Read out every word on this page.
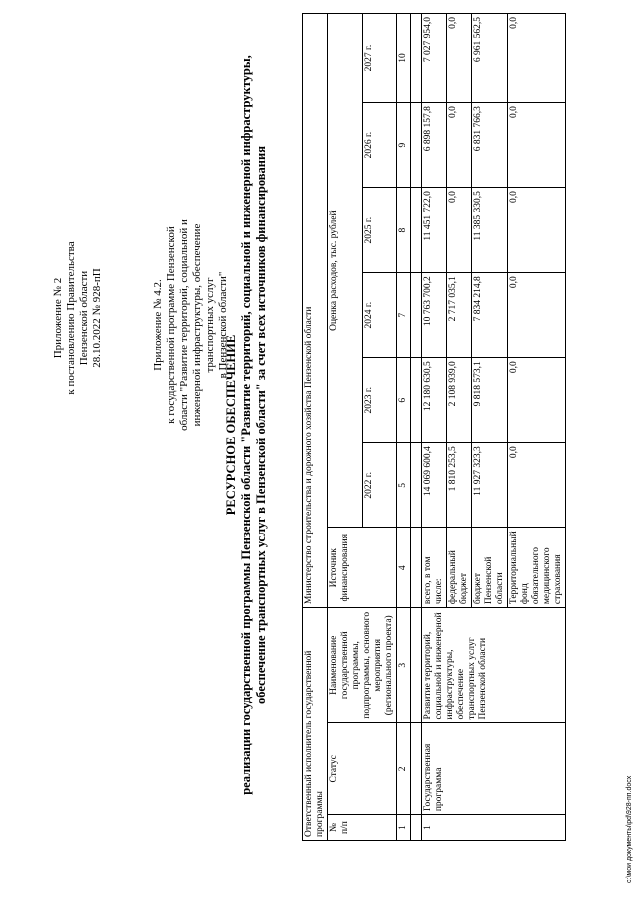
Приложение № 2 к постановлению Правительства Пензенской области 28.10.2022 № 928-пП	Приложение № 4.2. к государственной программе Пензенской области "Развитие территорий, социальной и инженерной инфраструктуры, обеспечение транспортных услуг в Пензенской области"
РЕСУРСНОЕ ОБЕСПЕЧЕНИЕ реализации государственной программы Пензенской области "Развитие территорий, социальной и инженерной инфраструктуры, обеспечение транспортных услуг в Пензенской области" за счет всех источников финансирования
Ответственный исполнитель государственной программы			Министерство строительства и дорожного хозяйства Пензенской области						
№ п/п	Статус	Наименование государственной программы, подпрограммы, основного мероприятия (регионального проекта)	Источник финансирования	Оценка расходов, тыс. рублей					
				2022 г.	2023 г.	2024 г.	2025 г.	2026 г.	2027 г.
1	2	3	4	5	6	7	8	9	10

1	Государственная программа	Развитие территорий, социальной и инженерной инфраструктуры, обеспечение транспортных услуг Пензенской области	всего, в том числе:	14 069 600,4	12 180 630,5	10 763 700,2	11 451 722,0	6 898 157,8	7 027 954,0
			федеральный бюджет	1 810 253,5	2 108 939,0	2 717 035,1	0,0	0,0	0,0
			бюджет Пензенской области	11 927 323,3	9 818 573,1	7 834 214,8	11 385 330,5	6 831 766,3	6 961 562,5
			Территориальный фонд обязательного медицинского страхования	0,0	0,0	0,0	0,0	0,0	0,0
c:\мои документы\pd\928-пп.docx
